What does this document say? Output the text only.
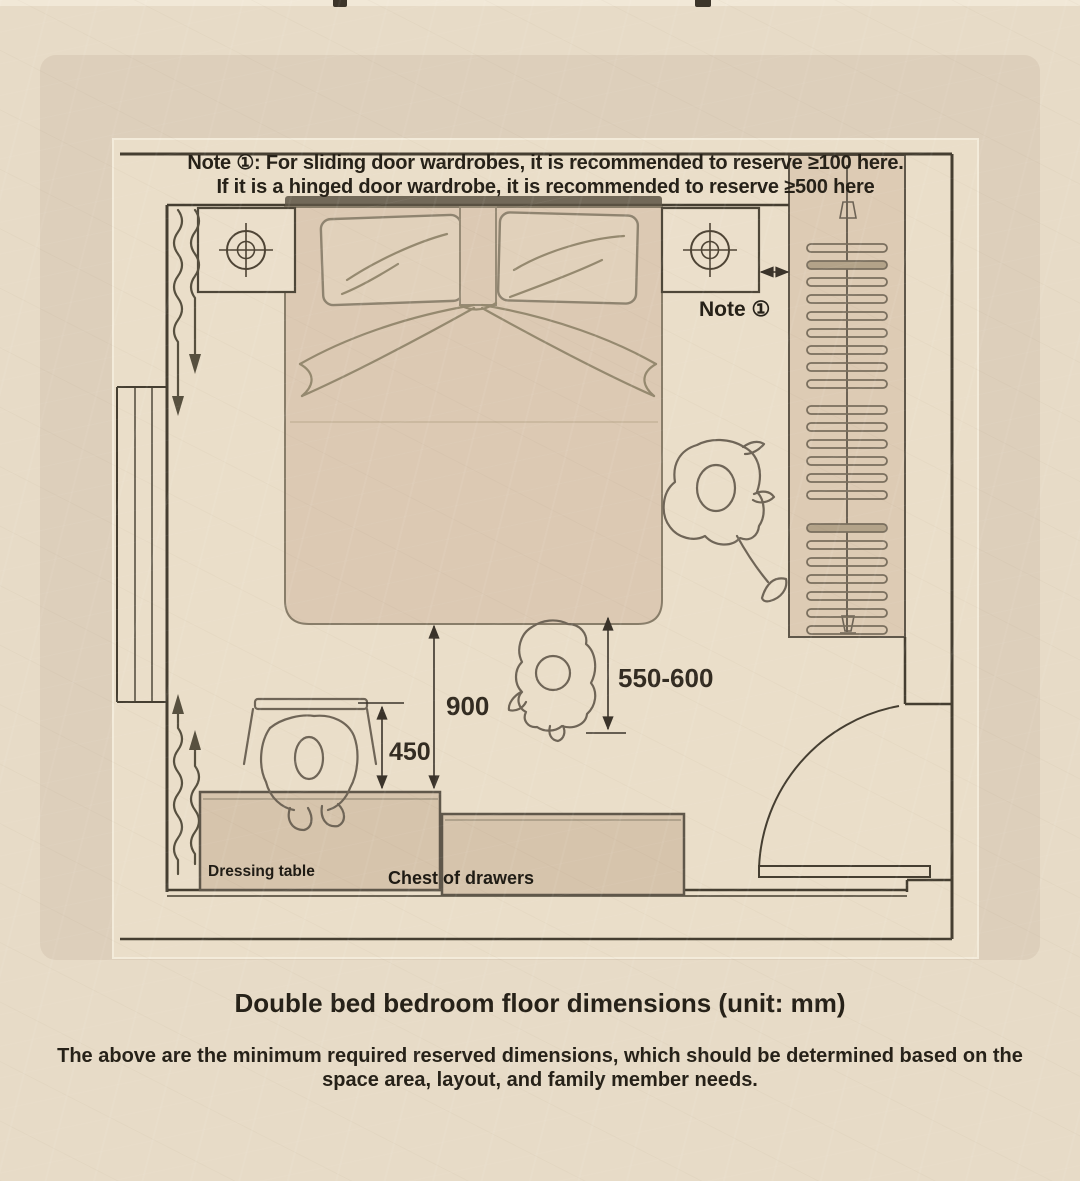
900
550-600
450
Note ①
Dressing table	Chest of drawers
Note ①: For sliding door wardrobes, it is recommended to reserve ≥100 here.
If it is a hinged door wardrobe, it is recommended to reserve ≥500 here
Double bed bedroom floor dimensions (unit: mm)

The above are the minimum required reserved dimensions, which should be determined based on the
space area, layout, and family member needs.
